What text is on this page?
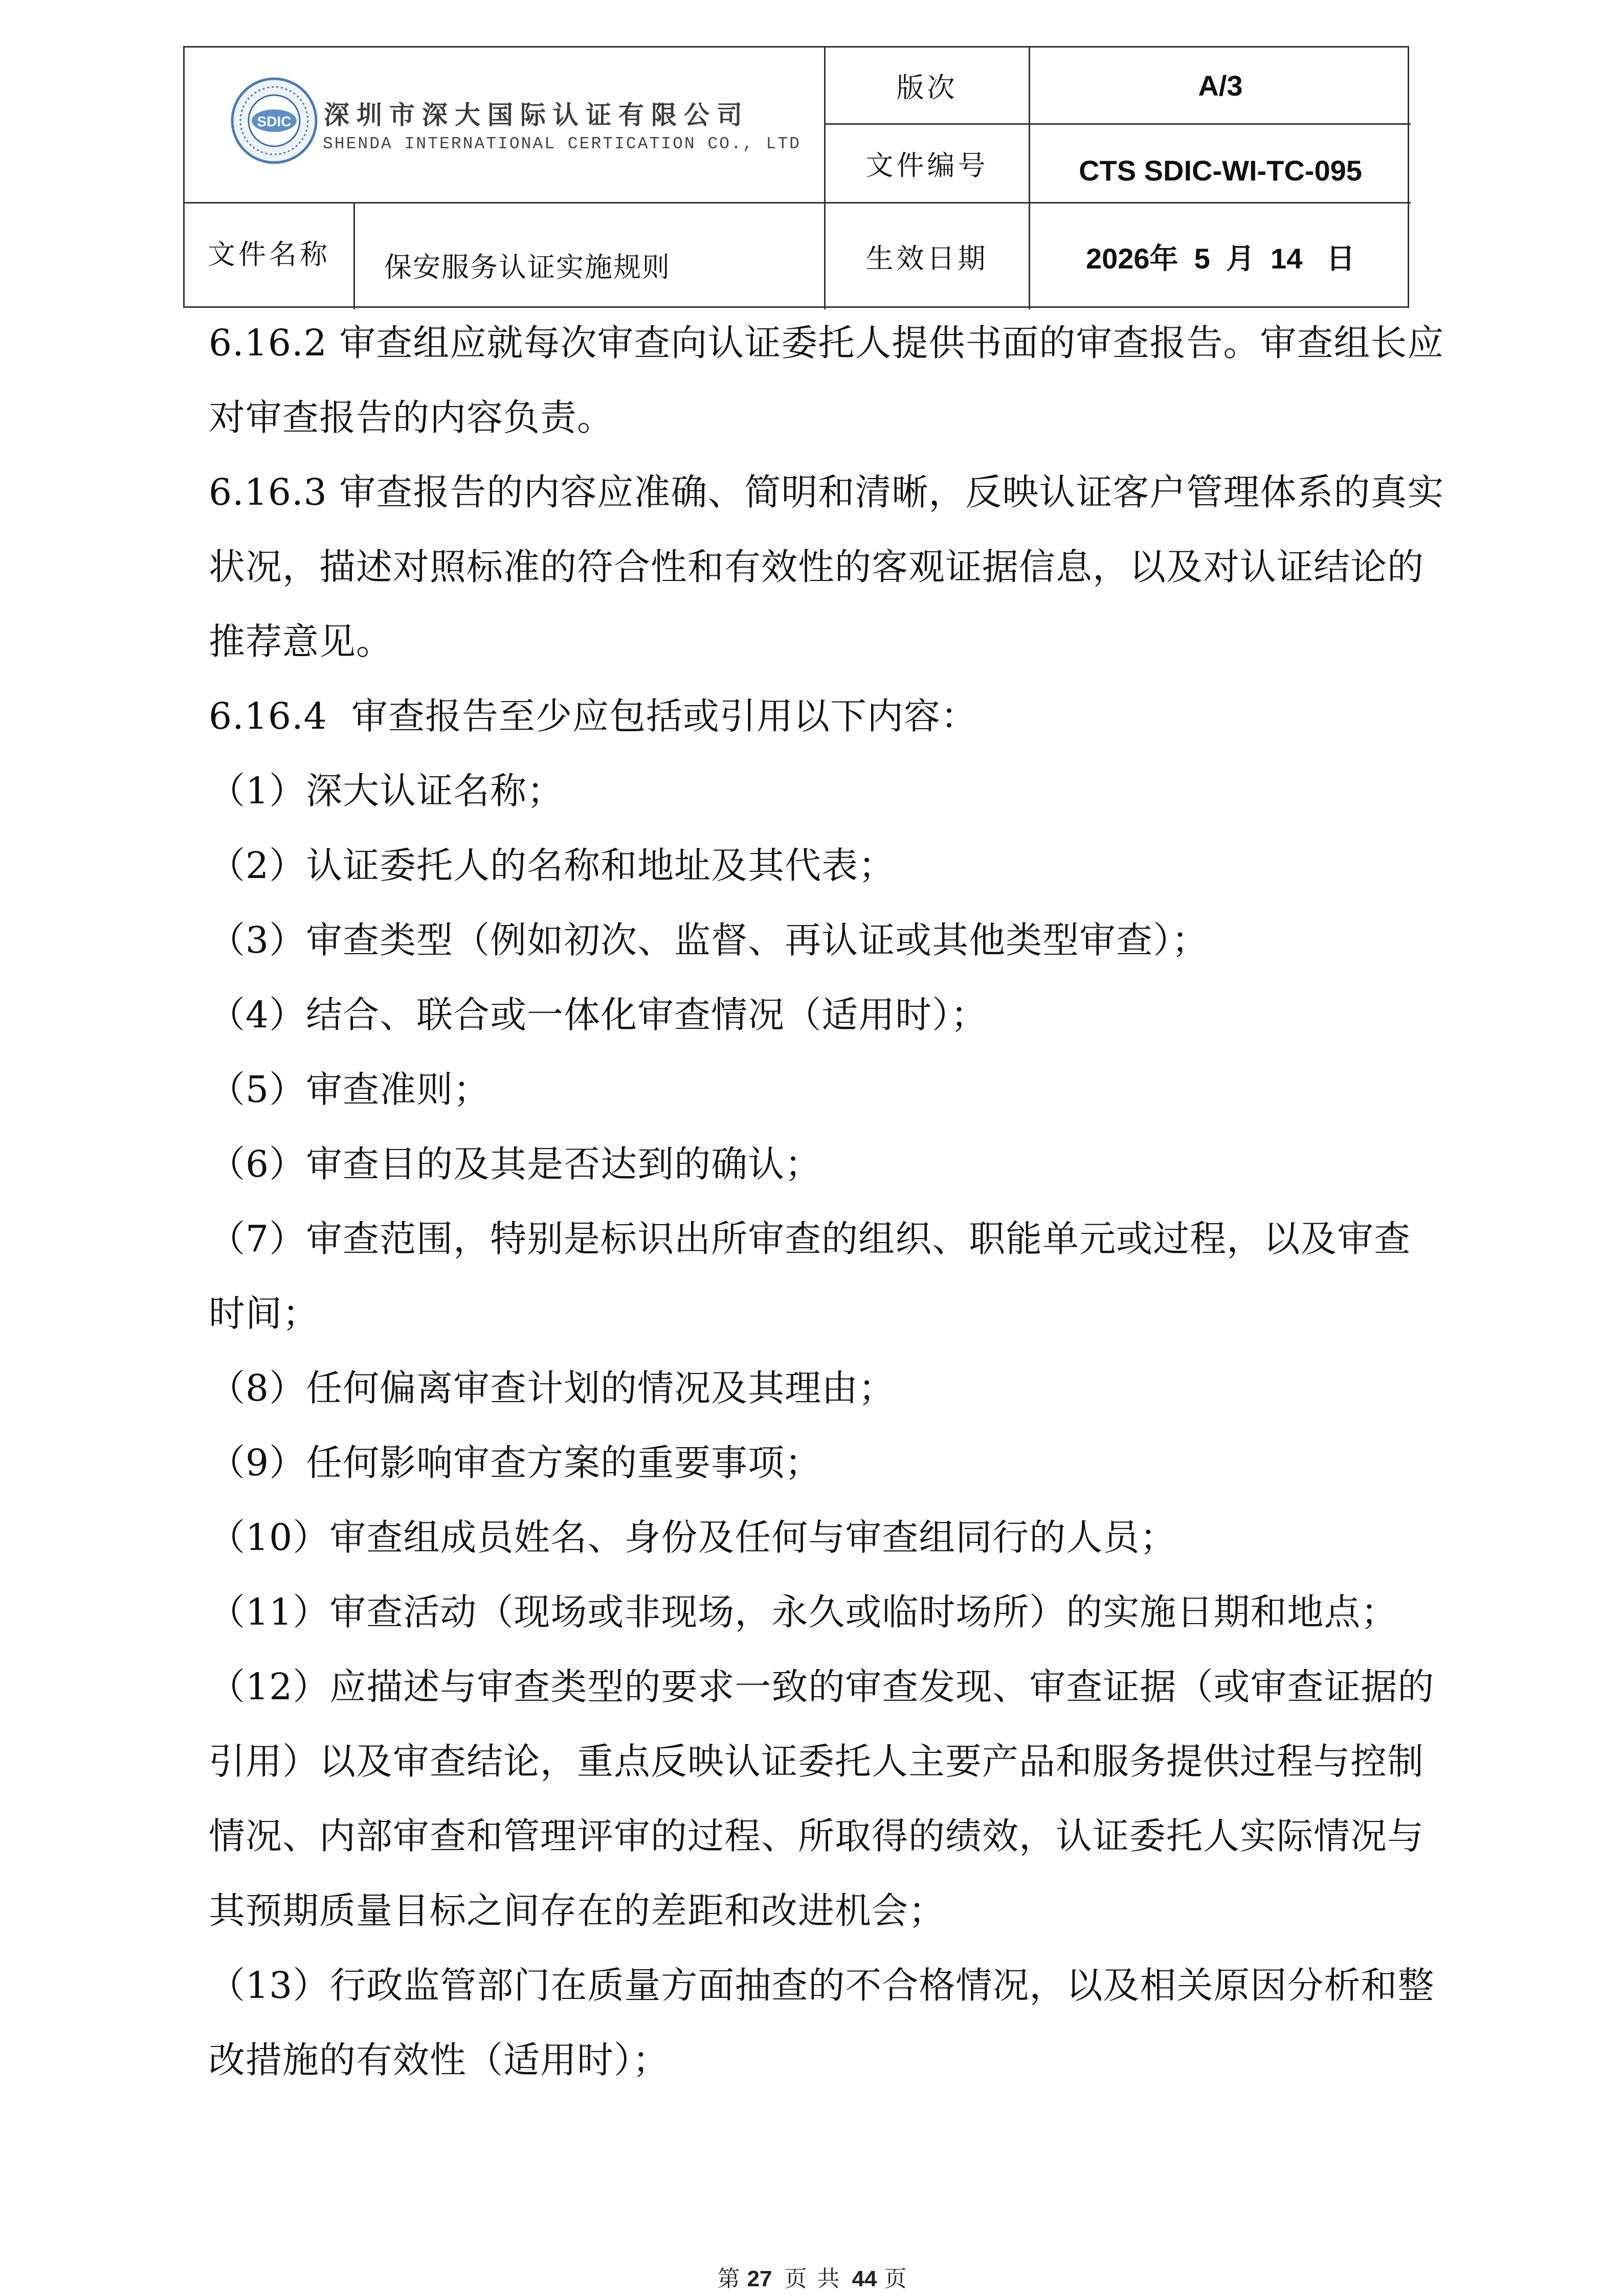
SDIC 深圳市深大国际认证有限公司
SHENDA INTERNATIONAL CERTICATION CO., LTD
版次	A/3
文件编号	CTS SDIC-WI-TC-095
文件名称	保安服务认证实施规则	生效日期	2026年  5  月  14   日

6.16.2 审查组应就每次审查向认证委托人提供书面的审查报告。审查组长应对审查报告的内容负责。

6.16.3 审查报告的内容应准确、简明和清晰，反映认证客户管理体系的真实状况，描述对照标准的符合性和有效性的客观证据信息，以及对认证结论的推荐意见。

6.16.4  审查报告至少应包括或引用以下内容：

（1）深大认证名称；

（2）认证委托人的名称和地址及其代表；

（3）审查类型（例如初次、监督、再认证或其他类型审查）；

（4）结合、联合或一体化审查情况（适用时）；

（5）审查准则；

（6）审查目的及其是否达到的确认；

（7）审查范围，特别是标识出所审查的组织、职能单元或过程，以及审查时间；

（8）任何偏离审查计划的情况及其理由；

（9）任何影响审查方案的重要事项；

（10）审查组成员姓名、身份及任何与审查组同行的人员；

（11）审查活动（现场或非现场，永久或临时场所）的实施日期和地点；

（12）应描述与审查类型的要求一致的审查发现、审查证据（或审查证据的引用）以及审查结论，重点反映认证委托人主要产品和服务提供过程与控制情况、内部审查和管理评审的过程、所取得的绩效，认证委托人实际情况与其预期质量目标之间存在的差距和改进机会；

（13）行政监管部门在质量方面抽查的不合格情况，以及相关原因分析和整改措施的有效性（适用时）；

第 27 页 共 44 页
